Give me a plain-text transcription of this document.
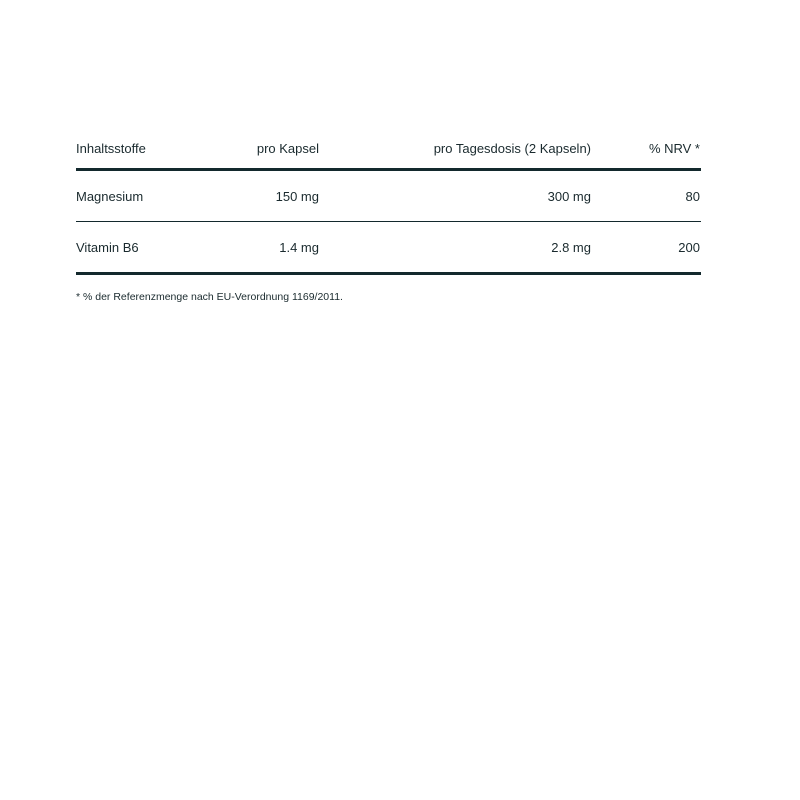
Inhaltsstoffe	pro Kapsel	pro Tagesdosis (2 Kapseln)	% NRV *
Magnesium	150 mg	300 mg	80
Vitamin B6	1.4 mg	2.8 mg	200
* % der Referenzmenge nach EU-Verordnung 1169/2011.
